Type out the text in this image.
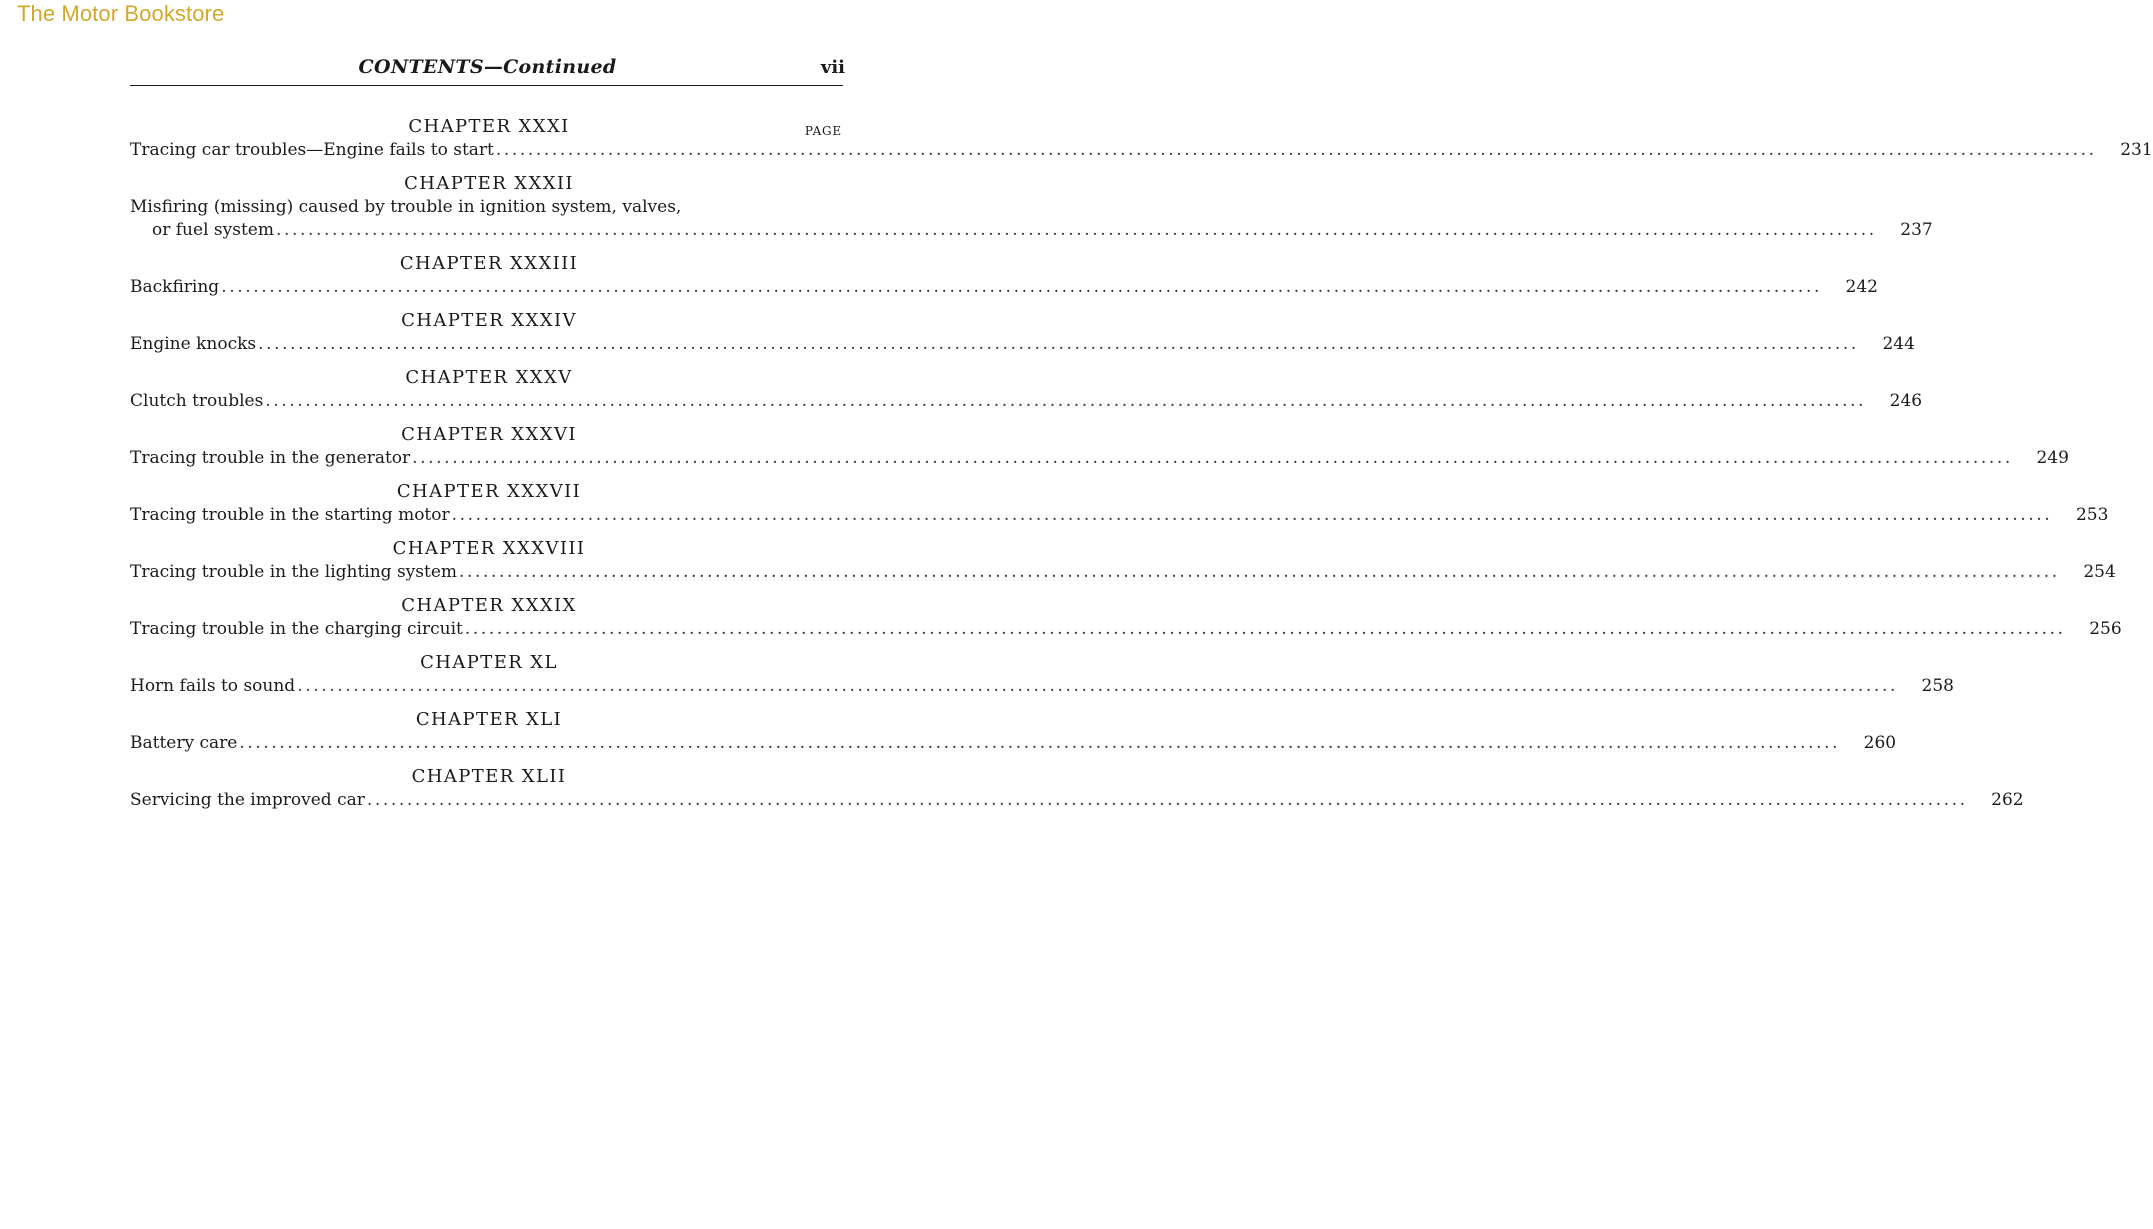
The Motor Bookstore
CONTENTS—Continued	vii
PAGE
CHAPTER XXXI
Tracing car troubles—Engine fails to start ........................................................................................................................................................................................................	231
CHAPTER XXXII
Misfiring (missing) caused by trouble in ignition system, valves,
or fuel system ........................................................................................................................................................................................................	237
CHAPTER XXXIII
Backfiring ........................................................................................................................................................................................................	242
CHAPTER XXXIV
Engine knocks ........................................................................................................................................................................................................	244
CHAPTER XXXV
Clutch troubles ........................................................................................................................................................................................................	246
CHAPTER XXXVI
Tracing trouble in the generator ........................................................................................................................................................................................................	249
CHAPTER XXXVII
Tracing trouble in the starting motor ........................................................................................................................................................................................................	253
CHAPTER XXXVIII
Tracing trouble in the lighting system ........................................................................................................................................................................................................	254
CHAPTER XXXIX
Tracing trouble in the charging circuit ........................................................................................................................................................................................................	256
CHAPTER XL
Horn fails to sound ........................................................................................................................................................................................................	258
CHAPTER XLI
Battery care ........................................................................................................................................................................................................	260
CHAPTER XLII
Servicing the improved car ........................................................................................................................................................................................................	262
